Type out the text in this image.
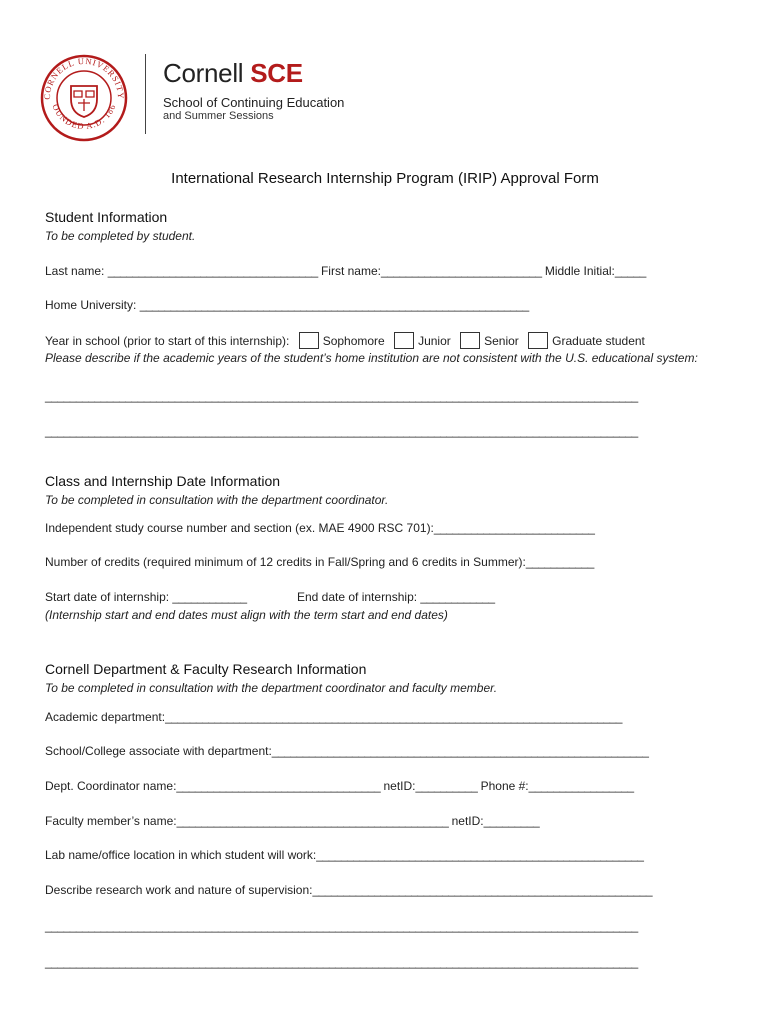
CORNELL UNIVERSITY
OUNDED A.D. 186
Cornell SCE
School of Continuing Education
and Summer Sessions
International Research Internship Program (IRIP) Approval Form
Student Information
To be completed by student.
Last name: __________________________________ First name:__________________________ Middle Initial:_____
Home University: _______________________________________________________________
Year in school (prior to start of this internship):	Sophomore	Junior	Senior	Graduate student
Please describe if the academic years of the student’s home institution are not consistent with the U.S. educational system:
________________________________________________________________________________________________
________________________________________________________________________________________________
Class and Internship Date Information
To be completed in consultation with the department coordinator.
Independent study course number and section (ex. MAE 4900 RSC 701):__________________________
Number of credits (required minimum of 12 credits in Fall/Spring and 6 credits in Summer):___________
Start date of internship: ____________	End date of internship: ____________
(Internship start and end dates must align with the term start and end dates)
Cornell Department & Faculty Research Information
To be completed in consultation with the department coordinator and faculty member.
Academic department:__________________________________________________________________________
School/College associate with department:_____________________________________________________________
Dept. Coordinator name:_________________________________ netID:__________ Phone #:_________________
Faculty member’s name:____________________________________________ netID:_________
Lab name/office location in which student will work:_____________________________________________________
Describe research work and nature of supervision:_______________________________________________________
________________________________________________________________________________________________
________________________________________________________________________________________________
